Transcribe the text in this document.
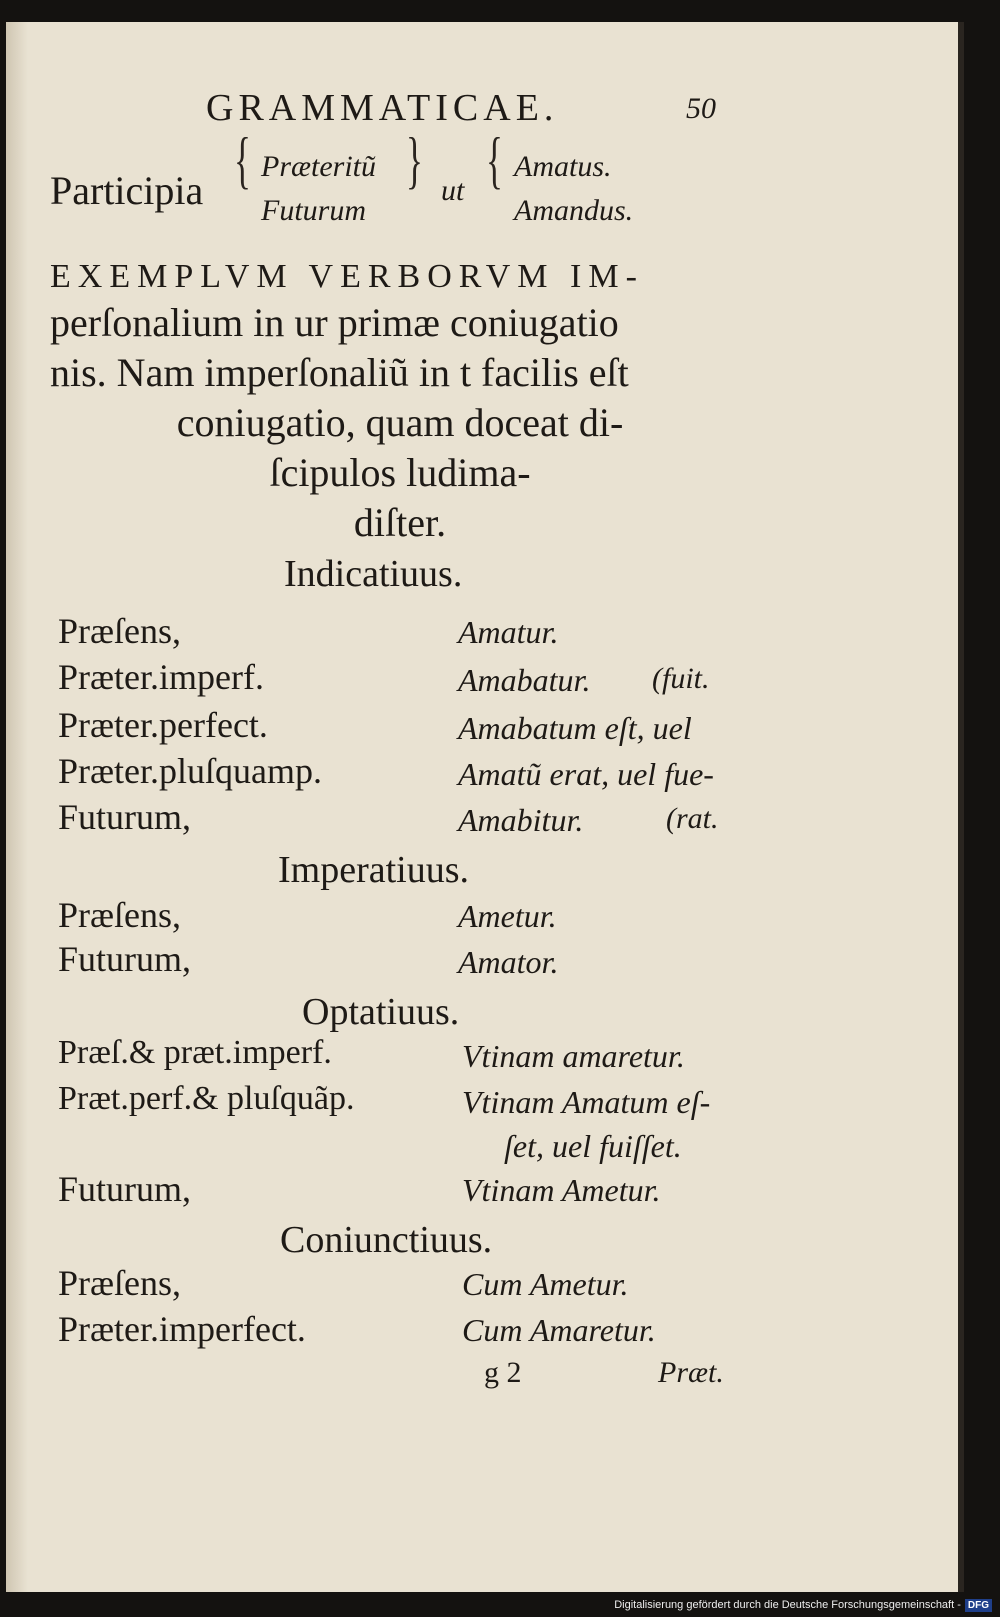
GRAMMATICAE.	50
Participia { Præteritũ
Futurum
} ut { Amatus.
Amandus.
EXEMPLVM VERBORVM IM-
perſonalium in ur primæ coniugatio
nis. Nam imperſonaliũ in t facilis eſt
coniugatio, quam doceat di-
ſcipulos ludima-
diſter.
Indicatiuus.
Præſens,	Amatur.
Præter.imperf.	Amabatur. (fuit.
Præter.perfect.	Amabatum eſt, uel
Præter.pluſquamp.	Amatũ erat, uel fue-
Futurum,	Amabitur.	(rat.
Imperatiuus.
Præſens,	Ametur.
Futurum,	Amator.
Optatiuus.
Præſ.& præt.imperf.	Vtinam amaretur.
Præt.perf.& pluſquãp.	Vtinam Amatum eſ-
ſet, uel fuiſſet.
Futurum,	Vtinam Ametur.
Coniunctiuus.
Præſens,	Cum Ametur.
Præter.imperfect.	Cum Amaretur.
g 2	Præt.
Digitalisierung gefördert durch die Deutsche Forschungsgemeinschaft - DFG
